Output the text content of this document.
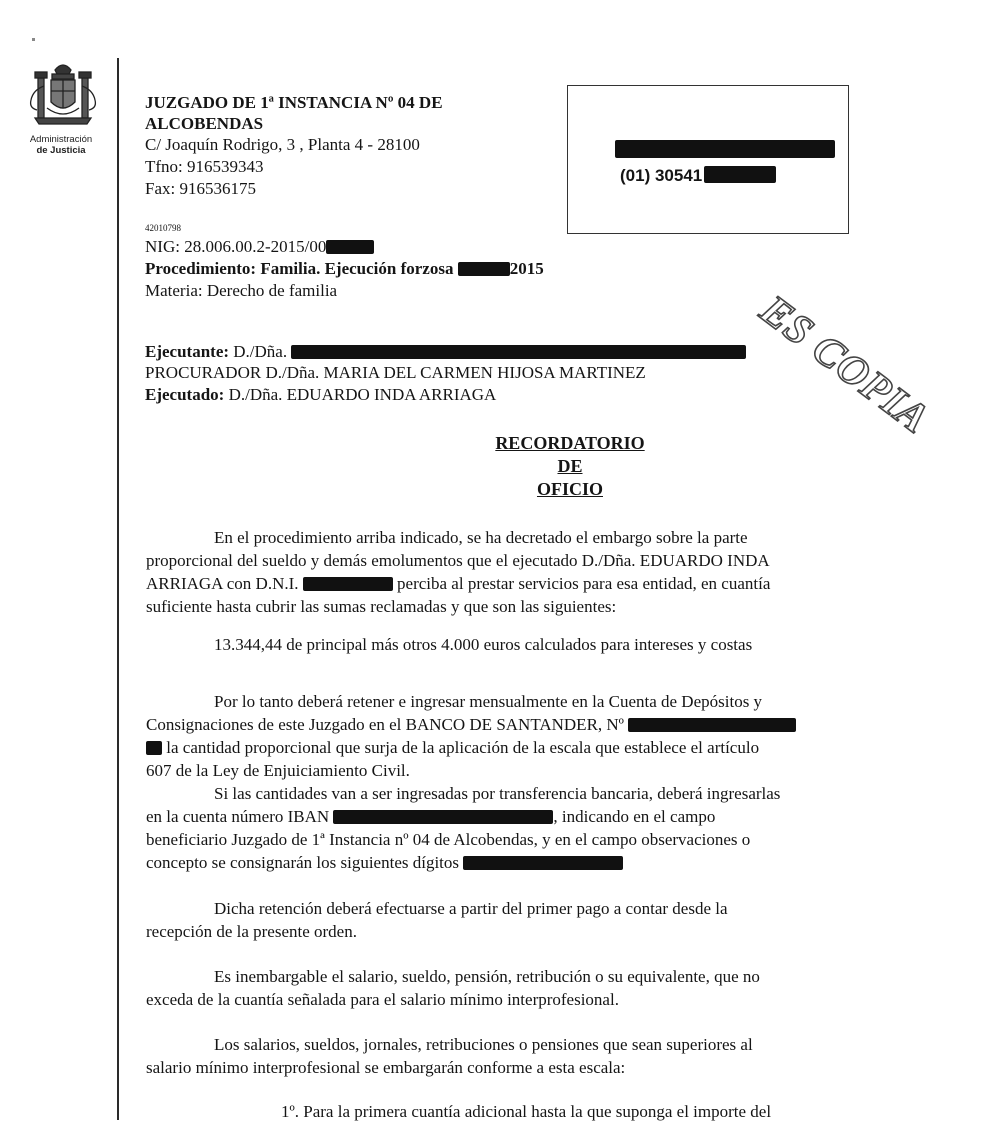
Administración
de Justicia
JUZGADO DE 1ª INSTANCIA Nº 04 DE
ALCOBENDAS
C/ Joaquín Rodrigo, 3 , Planta 4 - 28100
Tfno: 916539343
Fax: 916536175
42010798
NIG: 28.006.00.2-2015/00
Procedimiento: Familia. Ejecución forzosa	2015
Materia: Derecho de familia
(01) 30541
ES COPIA
Ejecutante: D./Dña.
PROCURADOR D./Dña. MARIA DEL CARMEN HIJOSA MARTINEZ
Ejecutado: D./Dña. EDUARDO INDA ARRIAGA
RECORDATORIO
DE
OFICIO
En el procedimiento arriba indicado, se ha decretado el embargo sobre la parte
proporcional del sueldo y demás emolumentos que el ejecutado D./Dña. EDUARDO INDA
ARRIAGA con D.N.I.	perciba al prestar servicios para esa entidad, en cuantía
suficiente hasta cubrir las sumas reclamadas y que son las siguientes:
13.344,44 de principal más otros 4.000 euros calculados para intereses y costas
Por lo tanto deberá retener e ingresar mensualmente en la Cuenta de Depósitos y
Consignaciones de este Juzgado en el BANCO DE SANTANDER, Nº
la cantidad proporcional que surja de la aplicación de la escala que establece el artículo
607 de la Ley de Enjuiciamiento Civil.
Si las cantidades van a ser ingresadas por transferencia bancaria, deberá ingresarlas
en la cuenta número IBAN	, indicando en el campo
beneficiario Juzgado de 1ª Instancia nº 04 de Alcobendas, y en el campo observaciones o
concepto se consignarán los siguientes dígitos
Dicha retención deberá efectuarse a partir del primer pago a contar desde la
recepción de la presente orden.
Es inembargable el salario, sueldo, pensión, retribución o su equivalente, que no
exceda de la cuantía señalada para el salario mínimo interprofesional.
Los salarios, sueldos, jornales, retribuciones o pensiones que sean superiores al
salario mínimo interprofesional se embargarán conforme a esta escala:
1º. Para la primera cuantía adicional hasta la que suponga el importe del
